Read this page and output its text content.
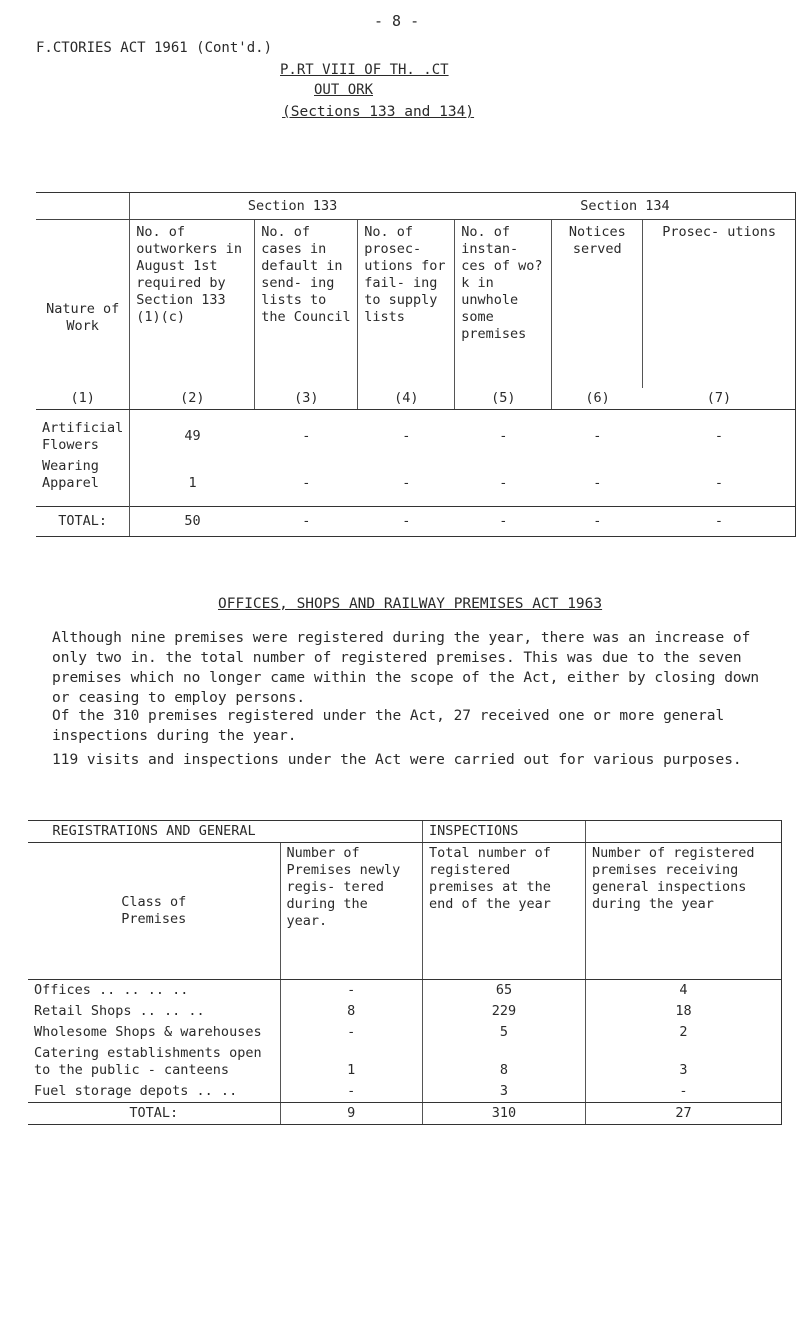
F.CTORIES ACT 1961 (Cont'd.)
- 8 -
P.RT VIII OF TH. .CT
OUT ORK
(Sections 133 and 134)
	Section 133			Section 134		
Nature of Work	No. of outworkers in August 1st required by Section 133 (1)(c)	No. of cases in default in send- ing lists to the Council	No. of prosec- utions for fail- ing to supply lists	No. of instan- ces of wo?k in unwhole some premises	Notices served	Prosec- utions
(1)	(2)	(3)	(4)	(5)	(6)	(7)
Artificial Flowers	49	-	-	-	-	-
Wearing Apparel	1	-	-	-	-	-
TOTAL:	50	-	-	-	-	-
OFFICES, SHOPS AND RAILWAY PREMISES ACT 1963

Although nine premises were registered during the year, there was an increase of only two in. the total number of registered premises. This was due to the seven premises which no longer came within the scope of the Act, either by closing down or ceasing to employ persons.

Of the 310 premises registered under the Act, 27 received one or more general inspections during the year.

119 visits and inspections under the Act were carried out for various purposes.
REGISTRATIONS AND GENERAL		INSPECTIONS	
Class of Premises	Number of Premises newly regis- tered during the year.	Total number of registered premises at the end of the year	Number of registered premises receiving general inspections during the year
Offices .. .. .. ..	-	65	4
Retail Shops .. .. ..	8	229	18
Wholesome Shops & warehouses	-	5	2
Catering establishments open to the public - canteens	1	8	3
Fuel storage depots .. ..	-	3	-
TOTAL:	9	310	27
